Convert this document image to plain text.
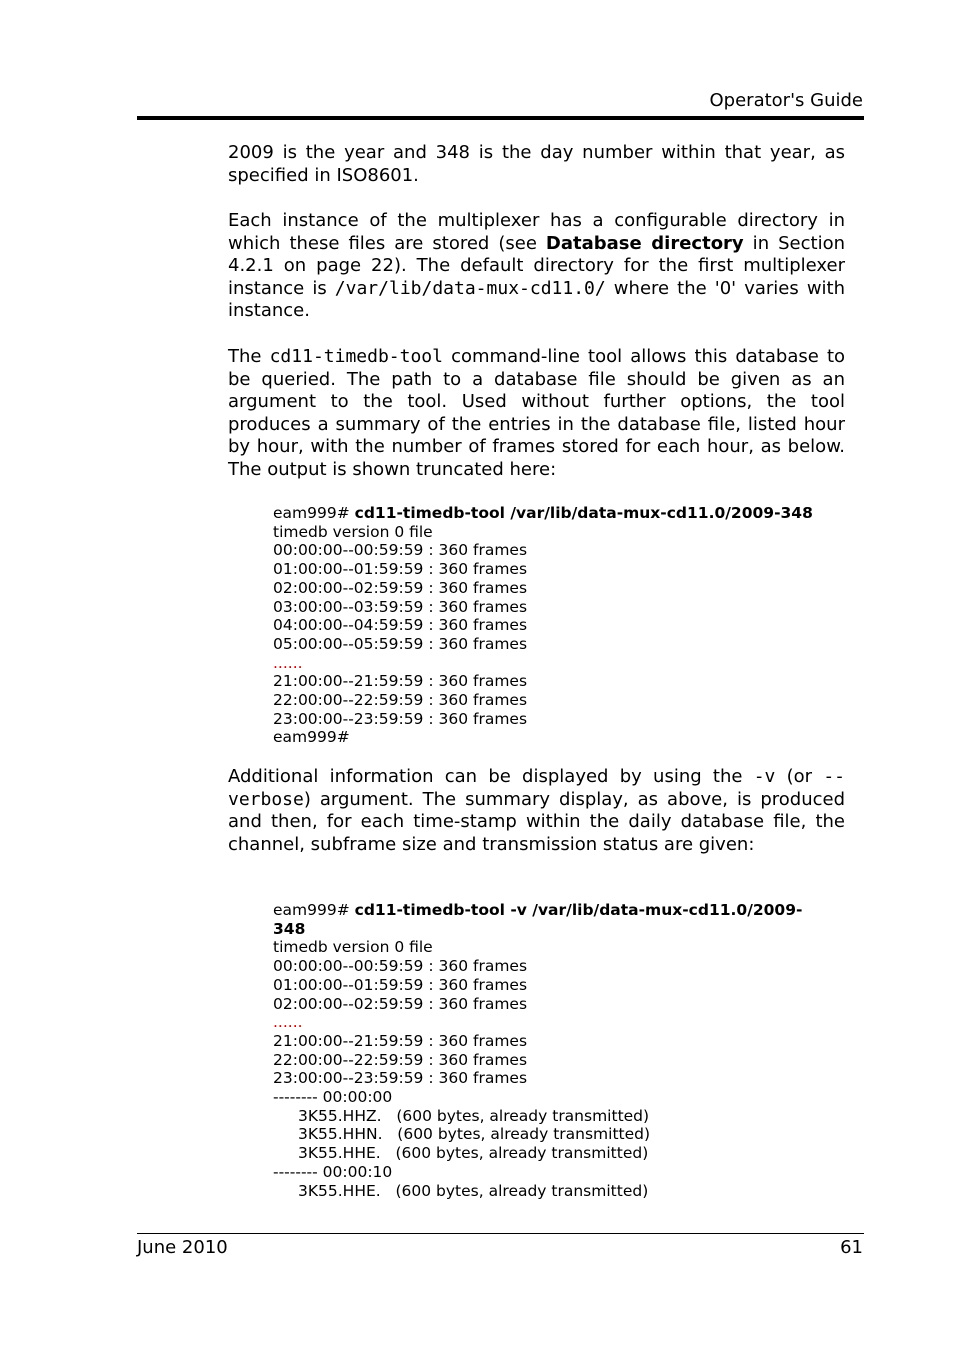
Operator's Guide

2009 is the year and 348 is the day number within that year, as specified in ISO8601.

Each instance of the multiplexer has a configurable directory in which these files are stored (see Database directory in Section 4.2.1 on page 22). The default directory for the first multiplexer instance is /var/lib/data-mux-cd11.0/ where the '0' varies with instance.

The cd11-timedb-tool command-line tool allows this database to be queried. The path to a database file should be given as an argument to the tool. Used without further options, the tool produces a summary of the entries in the database file, listed hour by hour, with the number of frames stored for each hour, as below. The output is shown truncated here:

eam999# cd11-timedb-tool /var/lib/data-mux-cd11.0/2009-348
timedb version 0 file
00:00:00--00:59:59 : 360 frames
01:00:00--01:59:59 : 360 frames
02:00:00--02:59:59 : 360 frames
03:00:00--03:59:59 : 360 frames
04:00:00--04:59:59 : 360 frames
05:00:00--05:59:59 : 360 frames
......
21:00:00--21:59:59 : 360 frames
22:00:00--22:59:59 : 360 frames
23:00:00--23:59:59 : 360 frames
eam999#

Additional information can be displayed by using the -v (or --verbose) argument. The summary display, as above, is produced and then, for each time-stamp within the daily database file, the channel, subframe size and transmission status are given:

eam999# cd11-timedb-tool -v /var/lib/data-mux-cd11.0/2009-348
timedb version 0 file
00:00:00--00:59:59 : 360 frames
01:00:00--01:59:59 : 360 frames
02:00:00--02:59:59 : 360 frames
......
21:00:00--21:59:59 : 360 frames
22:00:00--22:59:59 : 360 frames
23:00:00--23:59:59 : 360 frames
-------- 00:00:00
3K55.HHZ.   (600 bytes, already transmitted)
3K55.HHN.   (600 bytes, already transmitted)
3K55.HHE.   (600 bytes, already transmitted)
-------- 00:00:10
3K55.HHE.   (600 bytes, already transmitted)
June 2010	61
